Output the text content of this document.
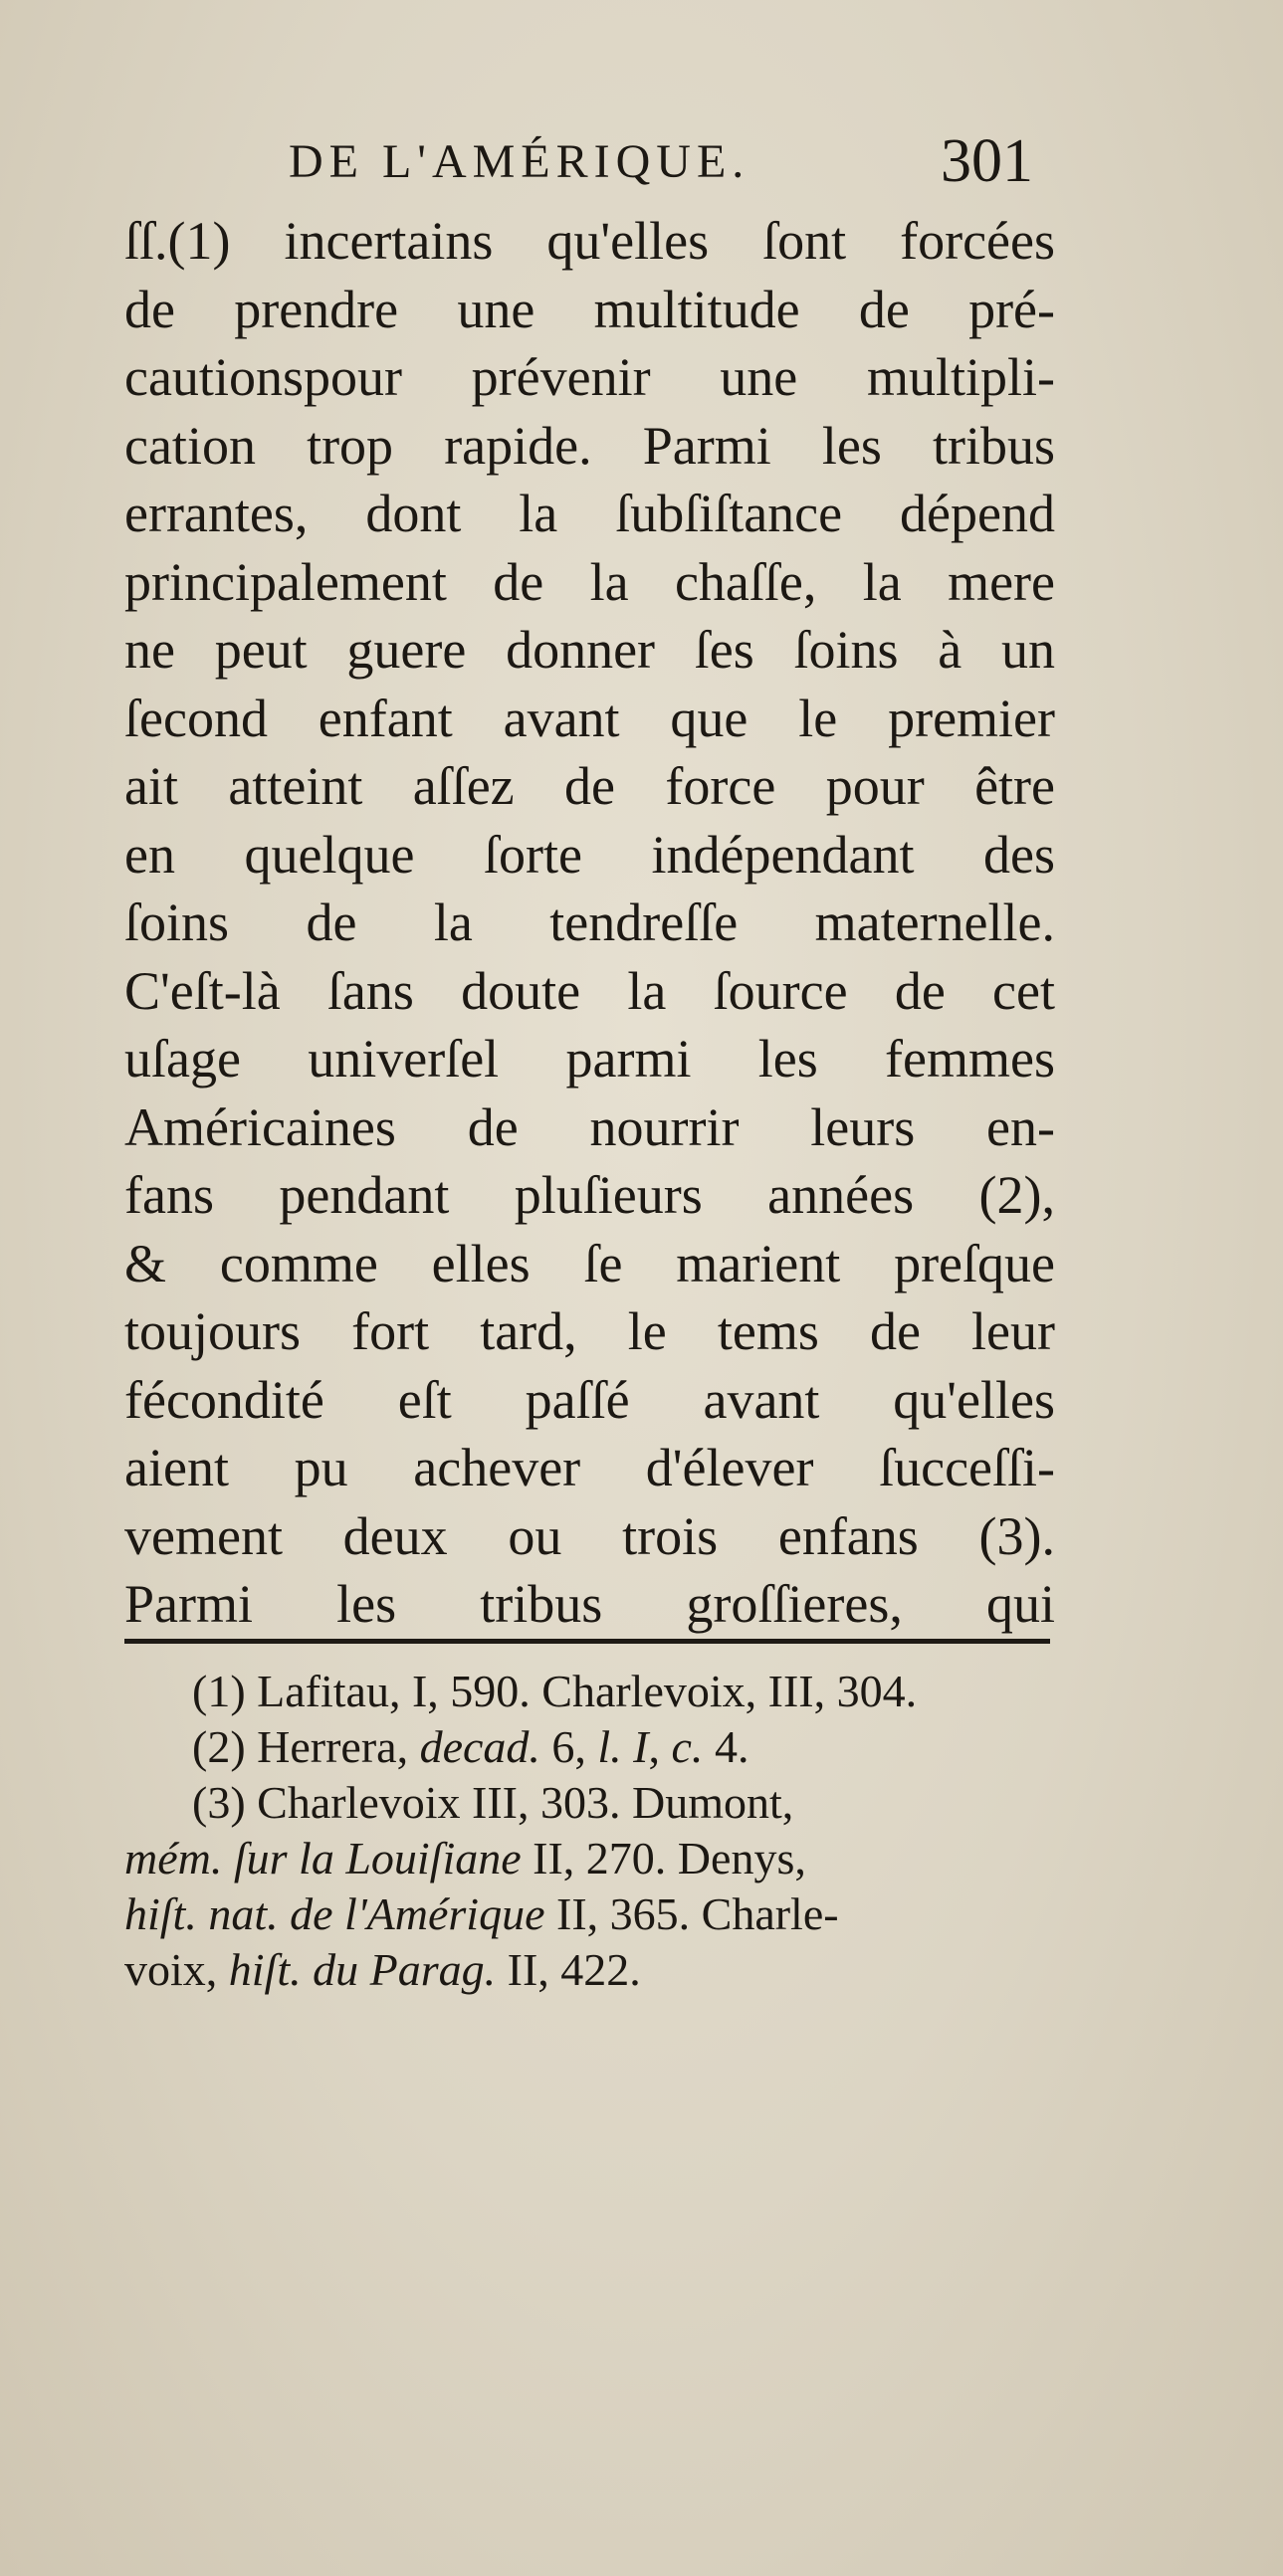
DE L'AMÉRIQUE.	301
ſſ.(1) incertains qu'elles ſont forcées
de prendre une multitude de pré-
cautionspour prévenir une multipli-
cation trop rapide. Parmi les tribus
errantes, dont la ſubſiſtance dépend
principalement de la chaſſe, la mere
ne peut guere donner ſes ſoins à un
ſecond enfant avant que le premier
ait atteint aſſez de force pour être
en quelque ſorte indépendant des
ſoins de la tendreſſe maternelle.
C'eſt-là ſans doute la ſource de cet
uſage univerſel parmi les femmes
Américaines de nourrir leurs en-
fans pendant pluſieurs années (2),
& comme elles ſe marient preſque
toujours fort tard, le tems de leur
fécondité eſt paſſé avant qu'elles
aient pu achever d'élever ſucceſſi-
vement deux ou trois enfans (3).
Parmi les tribus groſſieres, qui
(1) Lafitau, I, 590. Charlevoix, III, 304.
(2) Herrera, decad. 6, l. I, c. 4.
(3) Charlevoix III, 303. Dumont,
mém. ſur la Louiſiane II, 270. Denys,
hiſt. nat. de l'Amérique II, 365. Charle-
voix, hiſt. du Parag. II, 422.
